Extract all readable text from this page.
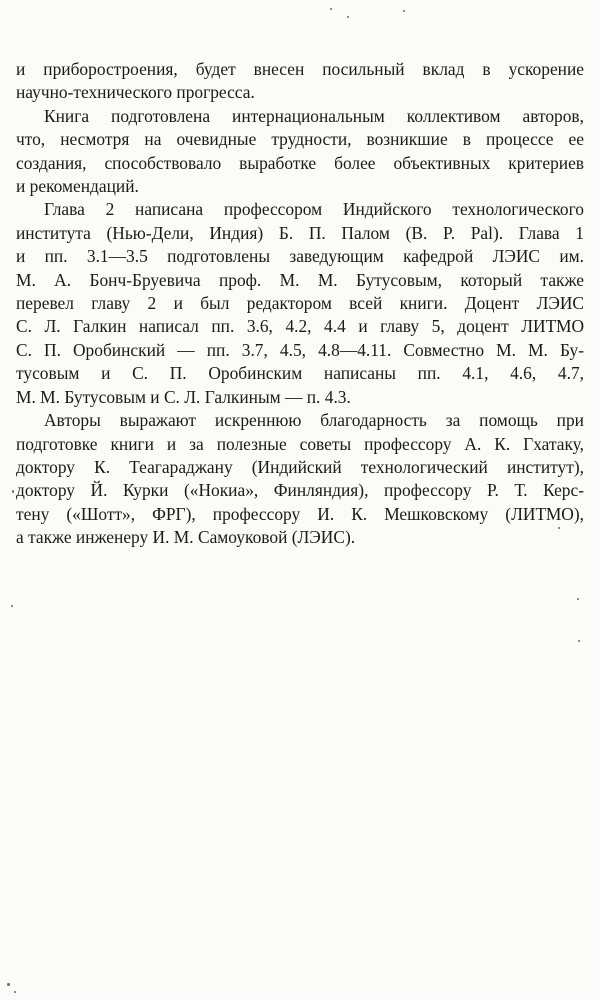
и приборостроения, будет внесен посильный вклад в ускорение
научно-технического прогресса.

Книга подготовлена интернациональным коллективом авторов,
что, несмотря на очевидные трудности, возникшие в процессе ее
создания, способствовало выработке более объективных критериев
и рекомендаций.

Глава 2 написана профессором Индийского технологического
института (Нью-Дели, Индия) Б. П. Палом (B. P. Pal). Глава 1
и пп. 3.1—3.5 подготовлены заведующим кафедрой ЛЭИС им.
М. А. Бонч-Бруевича проф. М. М. Бутусовым, который также
перевел главу 2 и был редактором всей книги. Доцент ЛЭИС
С. Л. Галкин написал пп. 3.6, 4.2, 4.4 и главу 5, доцент ЛИТМО
С. П. Оробинский — пп. 3.7, 4.5, 4.8—4.11. Совместно М. М. Бу-
тусовым и С. П. Оробинским написаны пп. 4.1, 4.6, 4.7,
М. М. Бутусовым и С. Л. Галкиным — п. 4.3.

Авторы выражают искреннюю благодарность за помощь при
подготовке книги и за полезные советы профессору А. К. Гхатаку,
доктору К. Теагараджану (Индийский технологический институт),
доктору Й. Курки («Нокиа», Финляндия), профессору Р. Т. Керс-
тену («Шотт», ФРГ), профессору И. К. Мешковскому (ЛИТМО),
а также инженеру И. М. Самоуковой (ЛЭИС).
